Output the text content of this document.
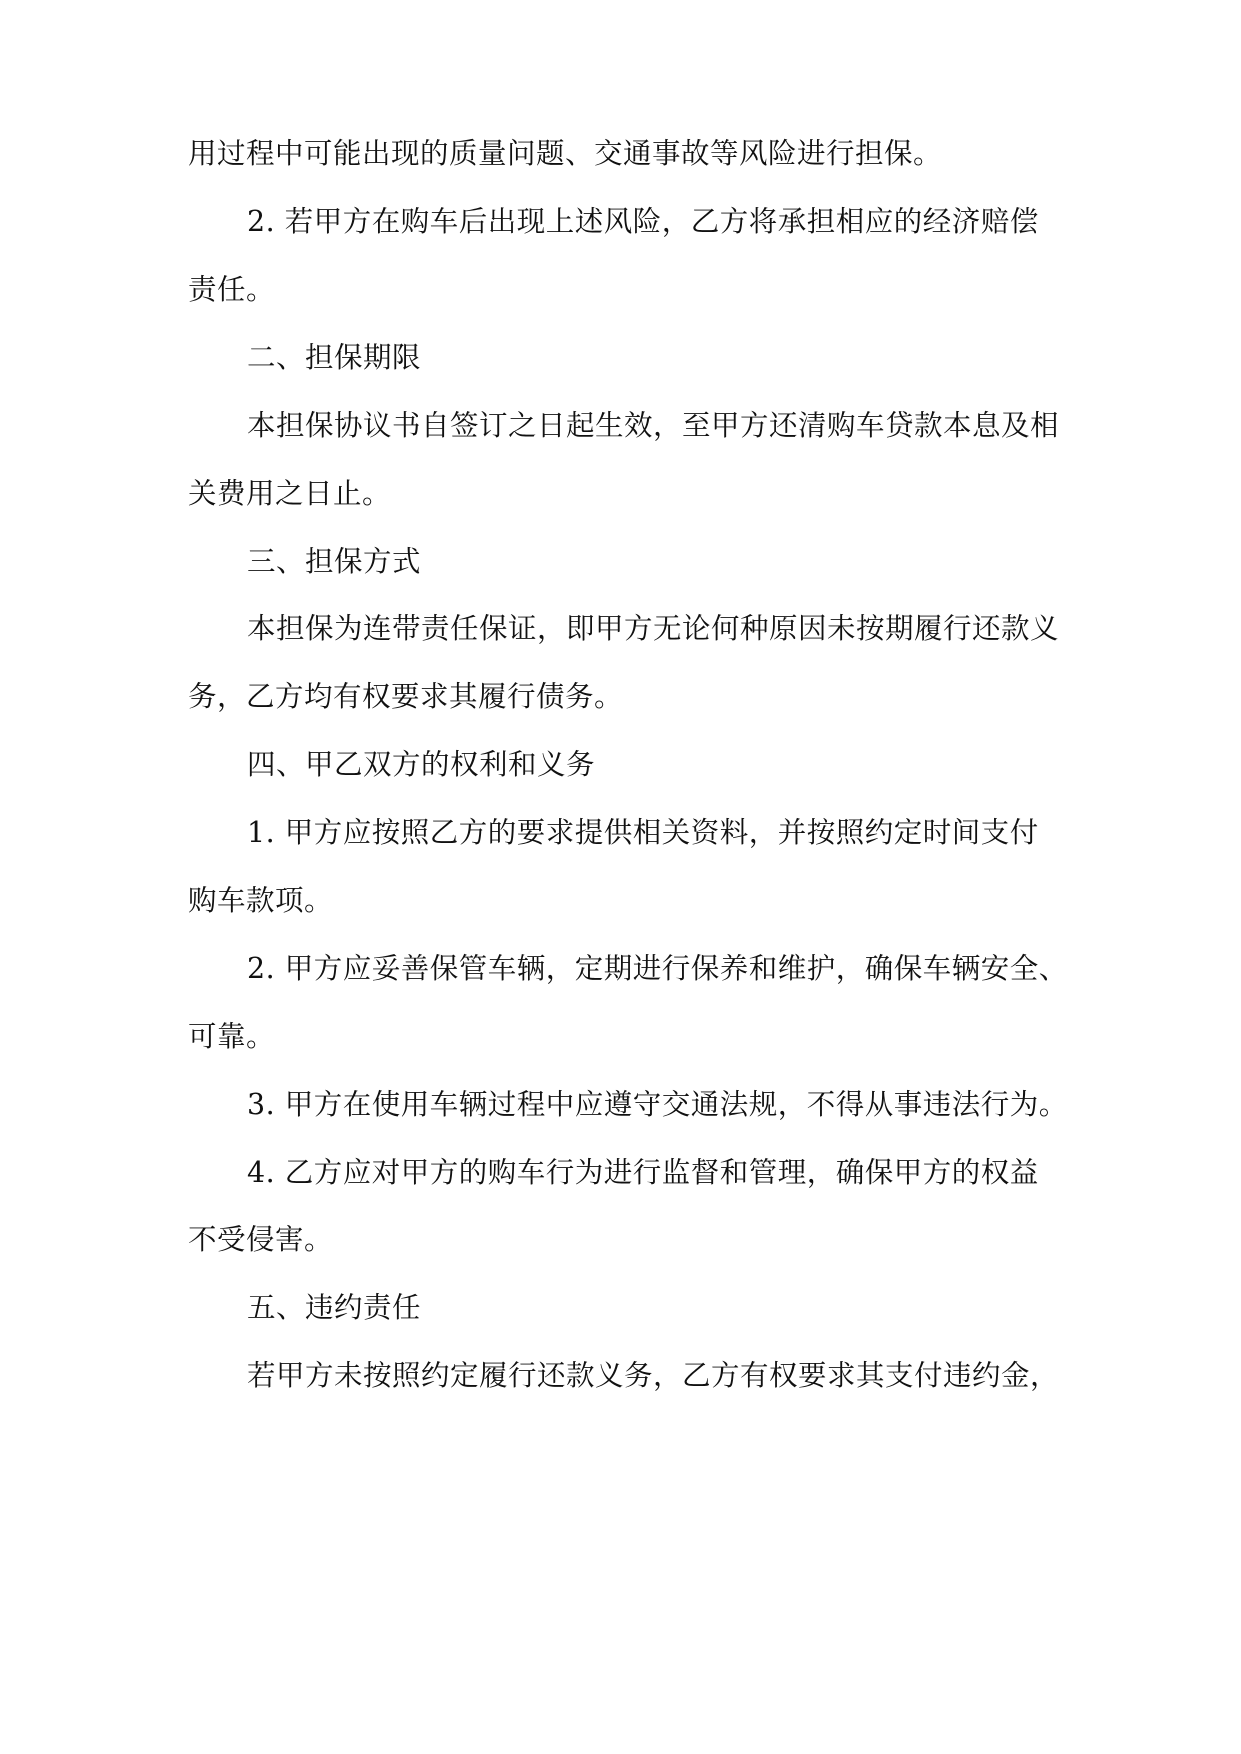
用过程中可能出现的质量问题、交通事故等风险进行担保。
2. 若甲方在购车后出现上述风险，乙方将承担相应的经济赔偿
责任。
二、担保期限
本担保协议书自签订之日起生效，至甲方还清购车贷款本息及相
关费用之日止。
三、担保方式
本担保为连带责任保证，即甲方无论何种原因未按期履行还款义
务，乙方均有权要求其履行债务。
四、甲乙双方的权利和义务
1. 甲方应按照乙方的要求提供相关资料，并按照约定时间支付
购车款项。
2. 甲方应妥善保管车辆，定期进行保养和维护，确保车辆安全、
可靠。
3. 甲方在使用车辆过程中应遵守交通法规，不得从事违法行为。
4. 乙方应对甲方的购车行为进行监督和管理，确保甲方的权益
不受侵害。
五、违约责任
若甲方未按照约定履行还款义务，乙方有权要求其支付违约金，
